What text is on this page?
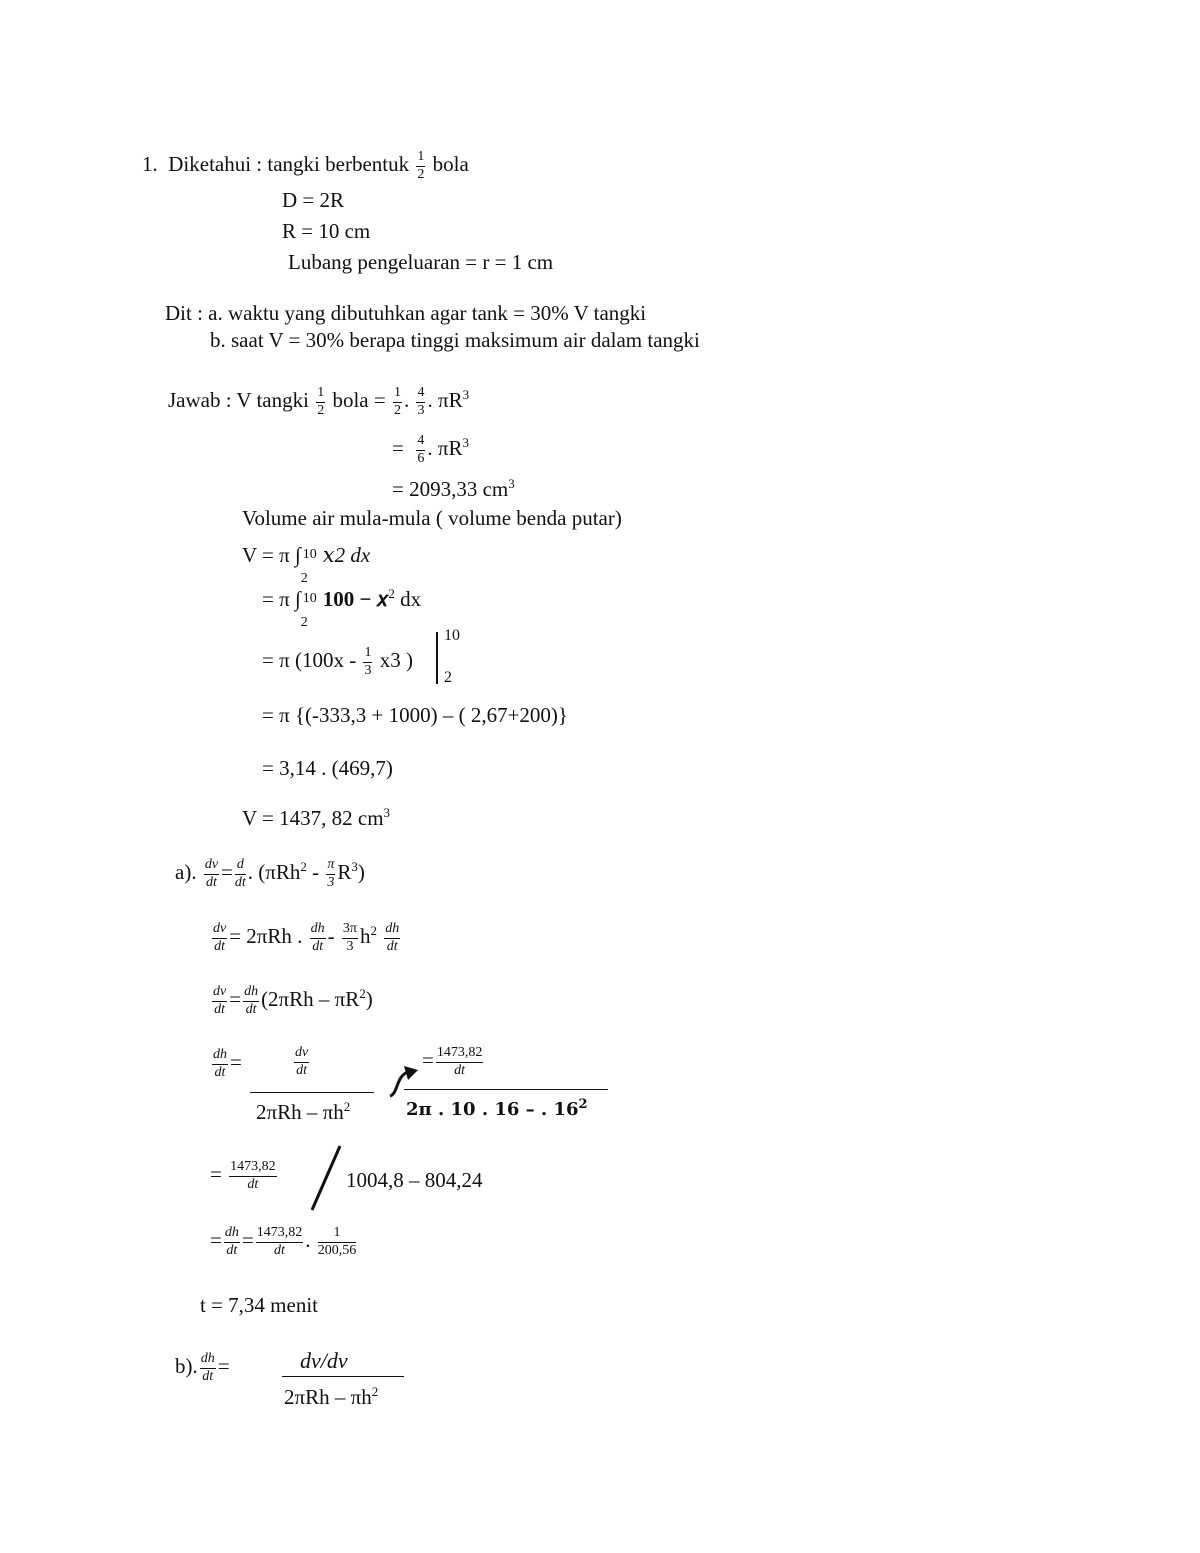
1. Diketahui : tangki berbentuk $\frac{1}{2}$ bola
D = 2R
R = 10 cm
Lubang pengeluaran = r = 1 cm
Dit : a. waktu yang dibutuhkan agar tank = 30% V tangki
b. saat V = 30% berapa tinggi maksimum air dalam tangki
Jawab : V tangki $\frac{1}{2}$ bola = $\frac{1}{2}$ . $\frac{4}{3}$ . $\pi R^3$
= $\frac{4}{6}$ . $\pi R^3$
= 2093,33 $cm^3$
Volume air mula-mula ( volume benda putar)
V = π ∫ 10
2
𝑥2 dx
= π ∫ 10
2
100 − 𝑥$^2$ dx
= π ($100x - \frac{1}{3} x3$ )
10
2
= π {(-333,3 + 1000) – ( 2,67+200)}
= 3,14 . (469,7)
V = 1437, 82 $cm^3$
a). $\frac{dv}{dt} = \frac{d}{dt}$ . $(\pi Rh^2 - \frac{\pi}{3} R^3)$
$\frac{dv}{dt} = 2\pi Rh$ . $\frac{dh}{dt} - \frac{3\pi}{3} h^2 \frac{dh}{dt}$
$\frac{dv}{dt} = \frac{dh}{dt} (2\pi Rh - \pi R^2)$
$\frac{dh}{dt}$ =	$\frac{dv}{dt}$
$2\pi Rh - \pi h^2$
= $\frac{1473,82}{dt}$
2π . 10 . 16 – . $16^2$
= $\frac{1473,82}{dt}$	1004,8 – 804,24
= $\frac{dh}{dt} = \frac{1473,82}{dt}$ . $\frac{1}{200,56}$
t = 7,34 menit
b). $\frac{dh}{dt}$ =	dv/dv
$2\pi Rh - \pi h^2$
